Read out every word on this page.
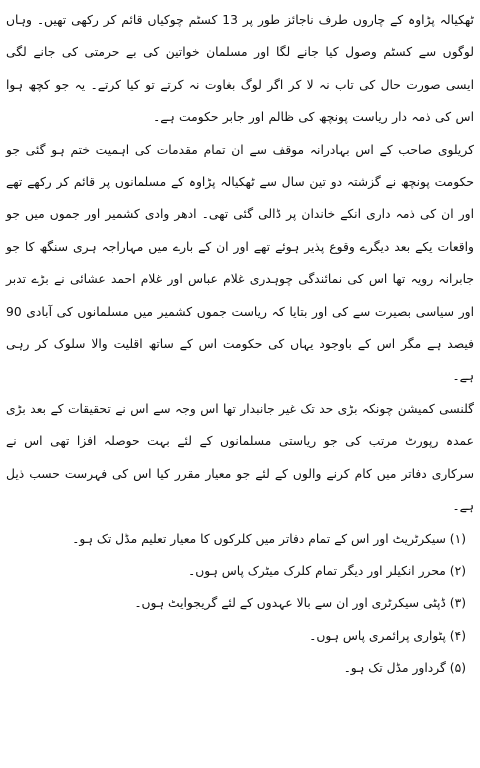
ٹھکیالہ پڑاوہ کے چاروں طرف ناجائز طور پر 13 کسٹم چوکیاں قائم کر رکھی تھیں۔ وہاں لوگوں سے کسٹم وصول کیا جانے لگا اور مسلمان خواتین کی بے حرمتی کی جانے لگی ایسی صورت حال کی تاب نہ لا کر اگر لوگ بغاوت نہ کرتے تو کیا کرتے۔ یہ جو کچھ ہوا اس کی ذمہ دار ریاست پونچھ کی ظالم اور جابر حکومت ہے۔

کریلوی صاحب کے اس بہادرانہ موقف سے ان تمام مقدمات کی اہمیت ختم ہو گئی جو حکومت پونچھ نے گزشتہ دو تین سال سے ٹھکیالہ پڑاوہ کے مسلمانوں پر قائم کر رکھے تھے اور ان کی ذمہ داری انکے خاندان پر ڈالی گئی تھی۔ ادھر وادی کشمیر اور جموں میں جو واقعات یکے بعد دیگرے وقوع پذیر ہوئے تھے اور ان کے بارے میں مہاراجہ ہری سنگھ کا جو جابرانہ رویہ تھا اس کی نمائندگی چوہدری غلام عباس اور غلام احمد عشائی نے بڑے تدبر اور سیاسی بصیرت سے کی اور بتایا کہ ریاست جموں کشمیر میں مسلمانوں کی آبادی 90 فیصد ہے مگر اس کے باوجود یہاں کی حکومت اس کے ساتھ اقلیت والا سلوک کر رہی ہے۔

گلنسی کمیشن چونکہ بڑی حد تک غیر جانبدار تھا اس وجہ سے اس نے تحقیقات کے بعد بڑی عمدہ رپورٹ مرتب کی جو ریاستی مسلمانوں کے لئے بہت حوصلہ افزا تھی اس نے سرکاری دفاتر میں کام کرنے والوں کے لئے جو معیار مقرر کیا اس کی فہرست حسب ذیل ہے۔

(۱) سیکرٹریٹ اور اس کے تمام دفاتر میں کلرکوں کا معیار تعلیم مڈل تک ہو۔
(۲) محرر انکیلر اور دیگر تمام کلرک میٹرک پاس ہوں۔
(۳) ڈپٹی سیکرٹری اور ان سے بالا عہدوں کے لئے گریجوایٹ ہوں۔
(۴) پٹواری پرائمری پاس ہوں۔
(۵) گرداور مڈل تک ہو۔
